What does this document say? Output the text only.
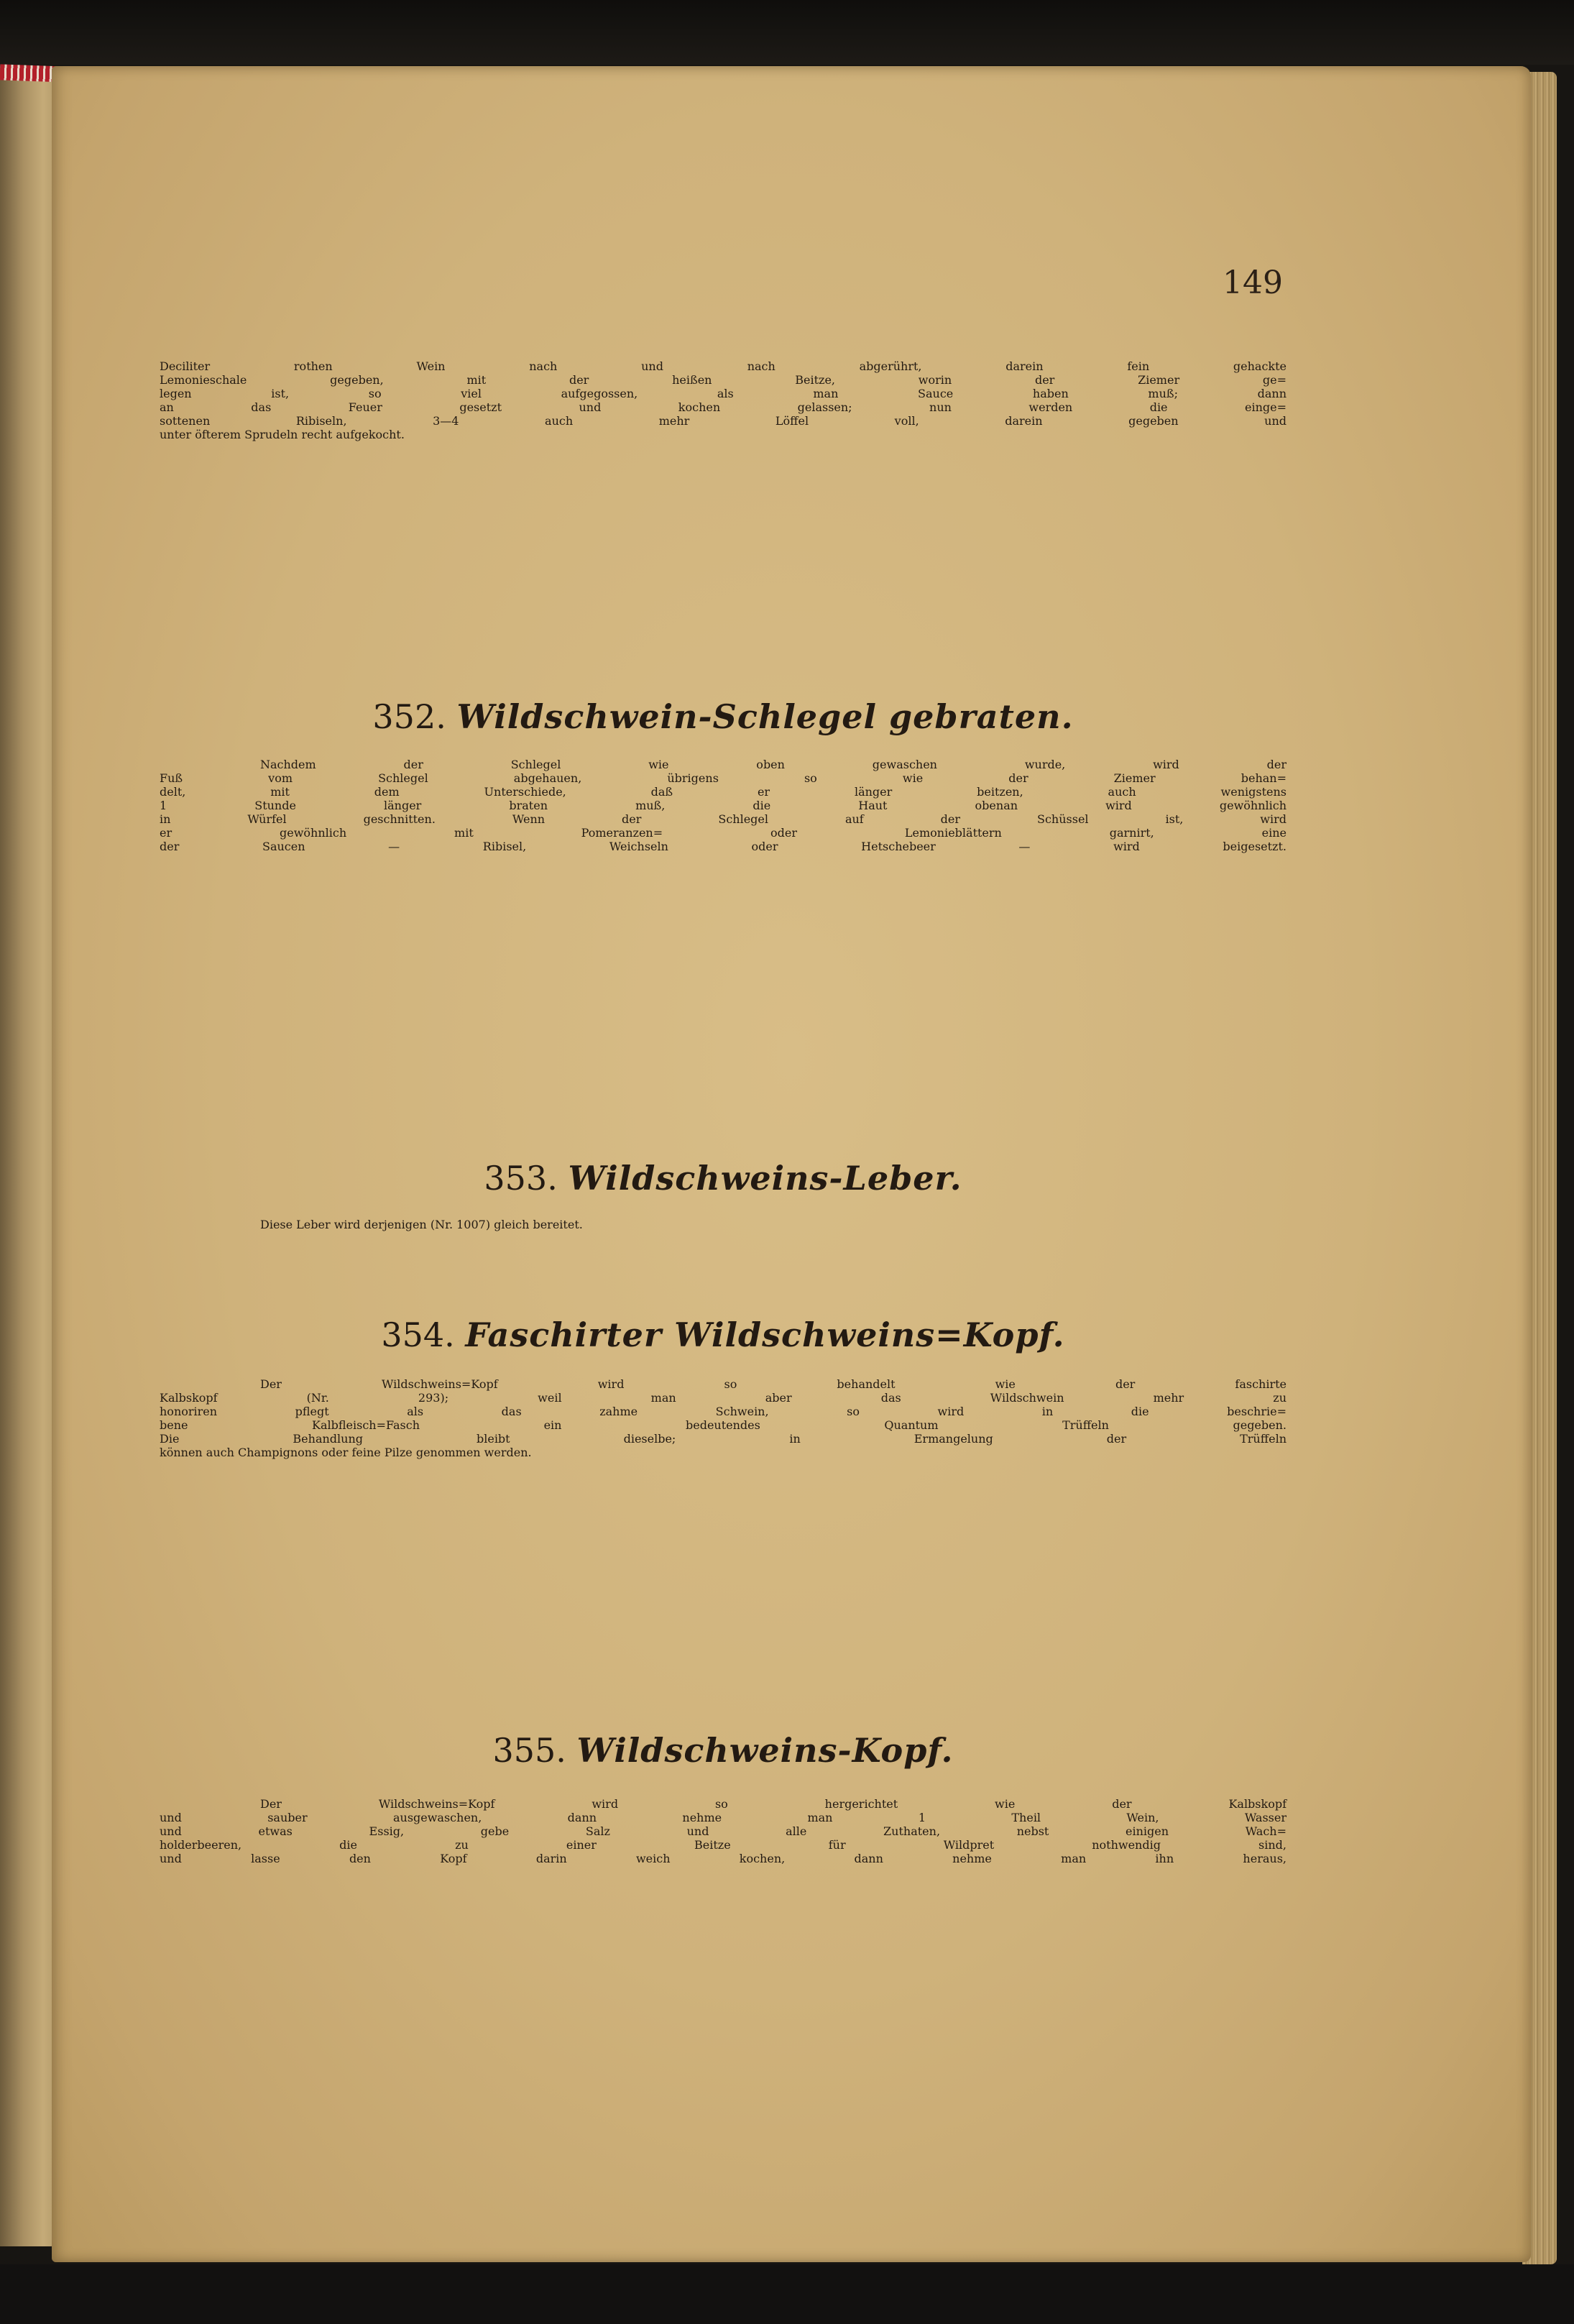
149
Deciliter rothen Wein nach und nach abgerührt, darein fein gehackte
Lemonieschale gegeben, mit der heißen Beitze, worin der Ziemer ge=
legen ist, so viel aufgegossen, als man Sauce haben muß; dann
an das Feuer gesetzt und kochen gelassen; nun werden die einge=
sottenen Ribiseln, 3—4 auch mehr Löffel voll, darein gegeben und
unter öfterem Sprudeln recht aufgekocht.

352. Wildschwein-Schlegel gebraten.

Nachdem der Schlegel wie oben gewaschen wurde, wird der
Fuß vom Schlegel abgehauen, übrigens so wie der Ziemer behan=
delt, mit dem Unterschiede, daß er länger beitzen, auch wenigstens
1 Stunde länger braten muß, die Haut obenan wird gewöhnlich
in Würfel geschnitten. Wenn der Schlegel auf der Schüssel ist, wird
er gewöhnlich mit Pomeranzen= oder Lemonieblättern garnirt, eine
der Saucen — Ribisel, Weichseln oder Hetschebeer — wird beigesetzt.

353. Wildschweins-Leber.

Diese Leber wird derjenigen (Nr. 1007) gleich bereitet.

354. Faschirter Wildschweins=Kopf.

Der Wildschweins=Kopf wird so behandelt wie der faschirte
Kalbskopf (Nr. 293); weil man aber das Wildschwein mehr zu
honoriren pflegt als das zahme Schwein, so wird in die beschrie=
bene Kalbfleisch=Fasch ein bedeutendes Quantum Trüffeln gegeben.
Die Behandlung bleibt dieselbe; in Ermangelung der Trüffeln
können auch Champignons oder feine Pilze genommen werden.

355. Wildschweins-Kopf.

Der Wildschweins=Kopf wird so hergerichtet wie der Kalbskopf
und sauber ausgewaschen, dann nehme man 1 Theil Wein, Wasser
und etwas Essig, gebe Salz und alle Zuthaten, nebst einigen Wach=
holderbeeren, die zu einer Beitze für Wildpret nothwendig sind,
und lasse den Kopf darin weich kochen, dann nehme man ihn heraus,
